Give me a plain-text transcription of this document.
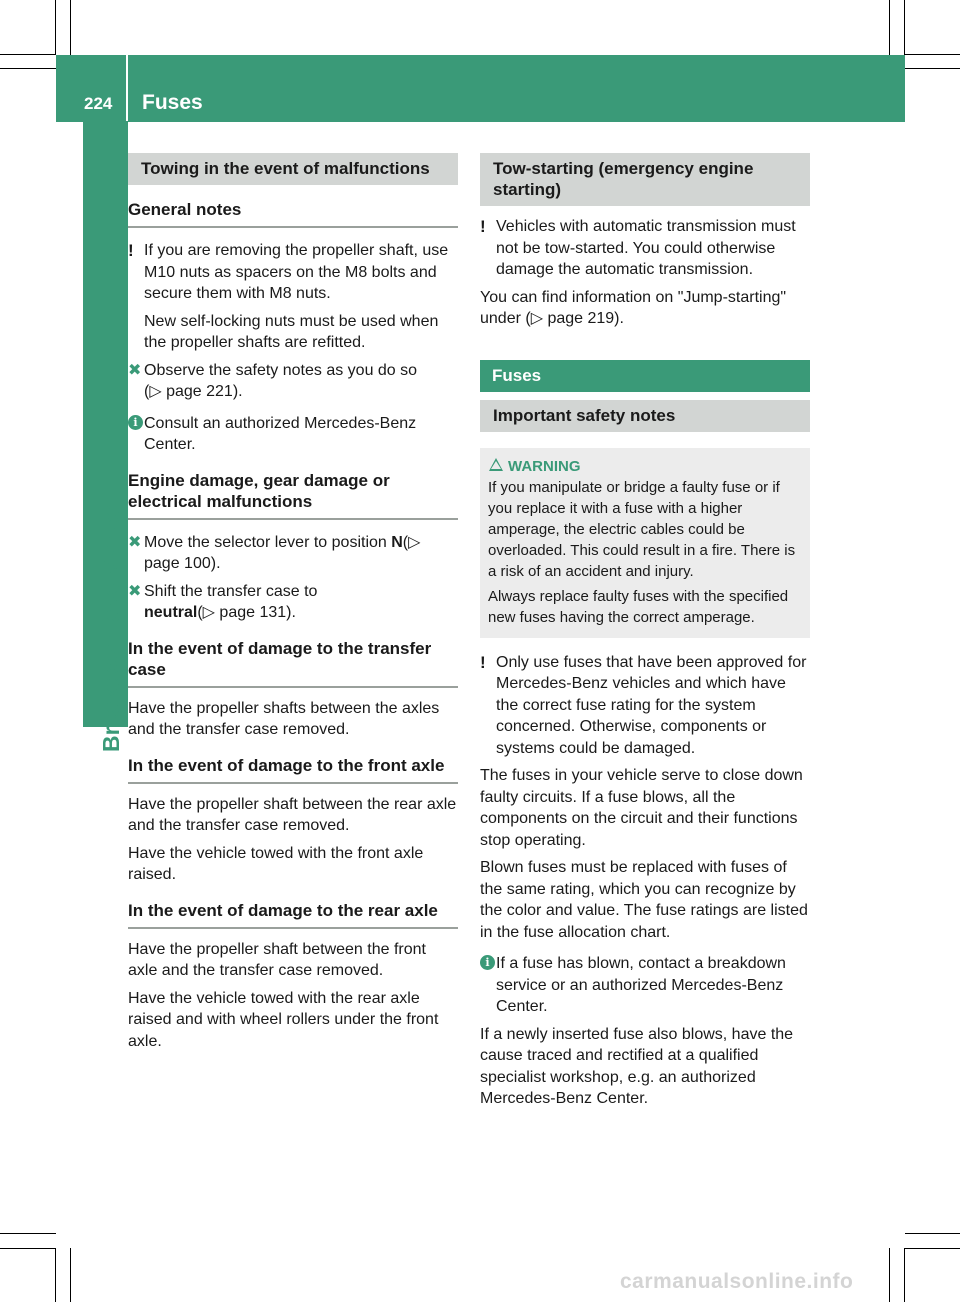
224 Fuses
Breakdown assistance
Towing in the event of malfunctions
General notes
! If you are removing the propeller shaft, use M10 nuts as spacers on the M8 bolts and secure them with M8 nuts.

New self-locking nuts must be used when the propeller shafts are refitted.

✖ Observe the safety notes as you do so
(▷ page 221).

i Consult an authorized Mercedes-Benz Center.

Engine damage, gear damage or electrical malfunctions
✖ Move the selector lever to position N(▷ page 100).

✖ Shift the transfer case to
neutral(▷ page 131).

In the event of damage to the transfer case

Have the propeller shafts between the axles and the transfer case removed.

In the event of damage to the front axle

Have the propeller shaft between the rear axle and the transfer case removed.

Have the vehicle towed with the front axle raised.

In the event of damage to the rear axle

Have the propeller shaft between the front axle and the transfer case removed.

Have the vehicle towed with the rear axle raised and with wheel rollers under the front axle.

Tow-starting (emergency engine starting)
! Vehicles with automatic transmission must not be tow-started. You could otherwise damage the automatic transmission.

You can find information on "Jump-starting" under (▷ page 219).

Fuses
Important safety notes
WARNING

If you manipulate or bridge a faulty fuse or if you replace it with a fuse with a higher amperage, the electric cables could be overloaded. This could result in a fire. There is a risk of an accident and injury.

Always replace faulty fuses with the specified new fuses having the correct amperage.

! Only use fuses that have been approved for Mercedes-Benz vehicles and which have the correct fuse rating for the system concerned. Otherwise, components or systems could be damaged.

The fuses in your vehicle serve to close down faulty circuits. If a fuse blows, all the components on the circuit and their functions stop operating.

Blown fuses must be replaced with fuses of the same rating, which you can recognize by the color and value. The fuse ratings are listed in the fuse allocation chart.

i If a fuse has blown, contact a breakdown service or an authorized Mercedes-Benz Center.

If a newly inserted fuse also blows, have the cause traced and rectified at a qualified specialist workshop, e.g. an authorized Mercedes-Benz Center.

carmanualsonline.info
